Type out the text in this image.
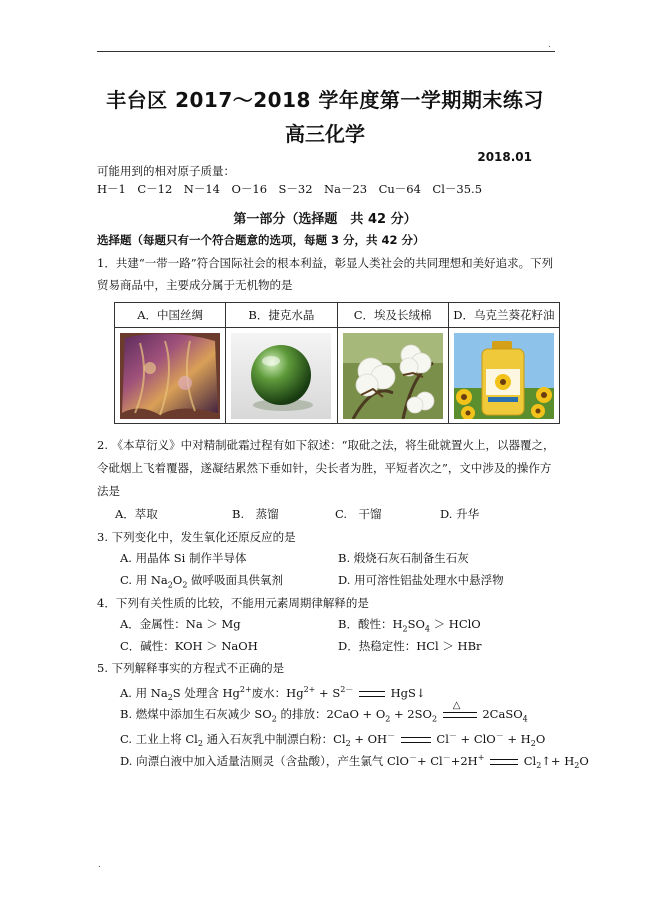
.
丰台区 2017～2018 学年度第一学期期末练习
高三化学
2018.01
可能用到的相对原子质量：
H－1　C－12　N－14　O－16　S－32　Na－23　Cu－64　Cl－35.5
第一部分（选择题　共 42 分）
选择题（每题只有一个符合题意的选项，每题 3 分，共 42 分）
1．共建“一带一路”符合国际社会的根本利益，彰显人类社会的共同理想和美好追求。下列
贸易商品中，主要成分属于无机物的是
A．中国丝绸	B．捷克水晶	C．埃及长绒棉	D．乌克兰葵花籽油

2. 《本草衍义》中对精制砒霜过程有如下叙述：“取砒之法，将生砒就置火上，以器覆之，
令砒烟上飞着覆器，遂凝结累然下垂如针，尖长者为胜，平短者次之”，文中涉及的操作方
法是
A．萃取	B.　蒸馏	C.　干馏	D. 升华
3. 下列变化中，发生氧化还原反应的是
A. 用晶体 Si 制作半导体	B. 煅烧石灰石制备生石灰
C. 用 $Na_2O_2$ 做呼吸面具供氧剂	D. 用可溶性铝盐处理水中悬浮物
4．下列有关性质的比较，不能用元素周期律解释的是
A．金属性：Na ＞ Mg	B．酸性：$H_2SO_4$ ＞ HClO
C．碱性：KOH ＞ NaOH	D．热稳定性：HCl ＞ HBr
5. 下列解释事实的方程式不正确的是
A. 用 $Na_2S$ 处理含 $Hg^{2+}$废水：$Hg^{2+} + S^{2-}$	HgS↓
B. 燃煤中添加生石灰减少 $SO_2$ 的排放：$2CaO + O_2 + 2SO_2$
△
2CaSO$_4$
C. 工业上将 $Cl_2$ 通入石灰乳中制漂白粉：$Cl_2 + OH^-$	$Cl^- + ClO^- + H_2O$
D. 向漂白液中加入适量洁厕灵（含盐酸），产生氯气 ClO－+ Cl－+2H+	$Cl_2↑+ H_2O$
.
